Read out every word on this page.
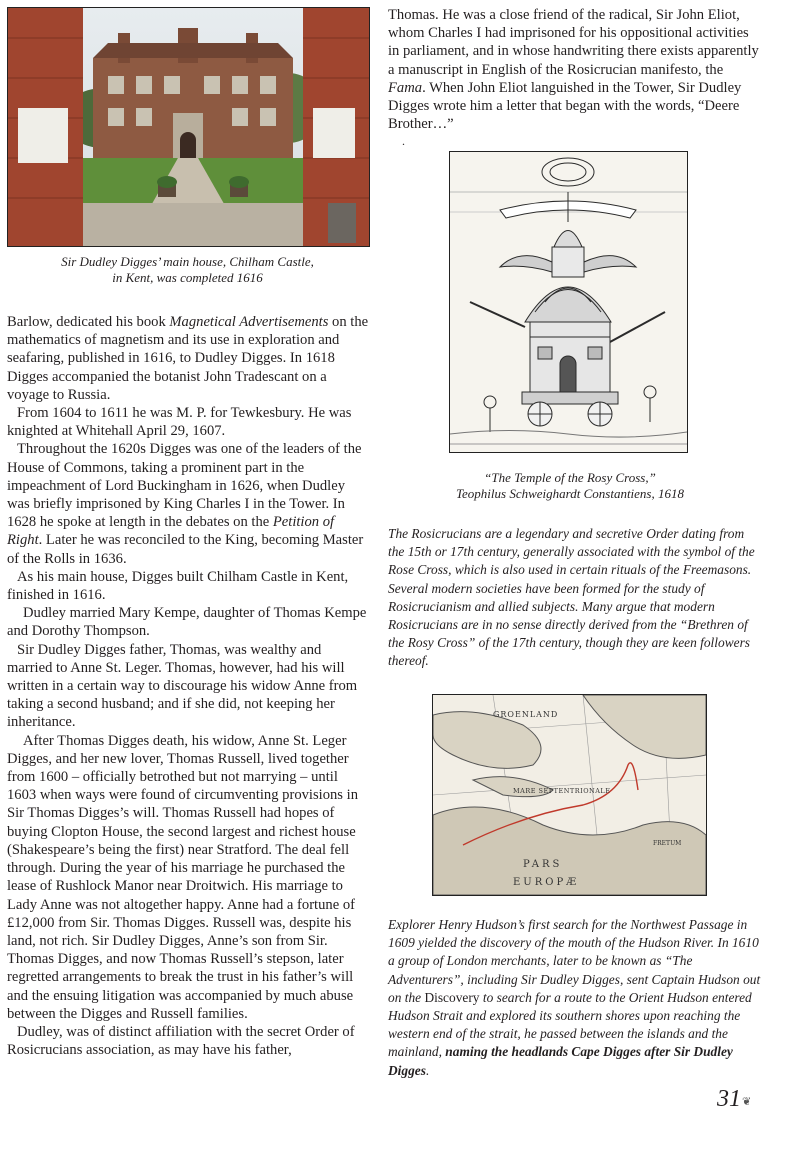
Sir Dudley Digges’ main house, Chilham Castle,
in Kent, was completed 1616

Barlow, dedicated his book Magnetical Advertisements on the mathematics of magnetism and its use in exploration and seafaring, published in 1616, to Dudley Digges. In 1618 Digges accompanied the botanist John Tradescant on a voyage to Russia.

From 1604 to 1611 he was M. P. for Tewkesbury. He was knighted at Whitehall April 29, 1607.

Throughout the 1620s Digges was one of the leaders of the House of Commons, taking a prominent part in the impeachment of Lord Buckingham in 1626, when Dudley was briefly imprisoned by King Charles I in the Tower. In 1628 he spoke at length in the debates on the Petition of Right. Later he was reconciled to the King, becoming Master of the Rolls in 1636.

As his main house, Digges built Chilham Castle in Kent, finished in 1616.

Dudley married Mary Kempe, daughter of Thomas Kempe and Dorothy Thompson.

Sir Dudley Digges father, Thomas, was wealthy and married to Anne St. Leger. Thomas, however, had his will written in a certain way to discourage his widow Anne from taking a second husband; and if she did, not keeping her inheritance.

After Thomas Digges death, his widow, Anne St. Leger Digges, and her new lover, Thomas Russell, lived together from 1600 – officially betrothed but not marrying – until 1603 when ways were found of circumventing provisions in Sir Thomas Digges’s will. Thomas Russell had hopes of buying Clopton House, the second largest and richest house (Shakespeare’s being the first) near Stratford. The deal fell through. During the year of his marriage he purchased the lease of Rushlock Manor near Droitwich. His marriage to Lady Anne was not altogether happy. Anne had a fortune of £12,000 from Sir. Thomas Digges. Russell was, despite his land, not rich. Sir Dudley Digges, Anne’s son from Sir. Thomas Digges, and now Thomas Russell’s stepson, later regretted arrangements to break the trust in his father’s will and the ensuing litigation was accompanied by much abuse between the Digges and Russell families.

Dudley, was of distinct affiliation with the secret Order of Rosicrucians association, as may have his father,

Thomas. He was a close friend of the radical, Sir John Eliot, whom Charles I had imprisoned for his oppositional activities in parliament, and in whose handwriting there exists apparently a manuscript in English of the Rosicrucian manifesto, the Fama. When John Eliot languished in the Tower, Sir Dudley Digges wrote him a letter that began with the words, “Deere Brother…”

.
“The Temple of the Rosy Cross,”
Teophilus Schweighardt Constantiens, 1618

The Rosicrucians are a legendary and secretive Order dating from the 15th or 17th century, generally associated with the symbol of the Rose Cross, which is also used in certain rituals of the Freemasons. Several modern societies have been formed for the study of Rosicrucianism and allied subjects. Many argue that modern Rosicrucians are in no sense directly derived from the “Brethren of the Rosy Cross” of the 17th century, though they are keen followers thereof.

GROENLAND
MARE SEPTENTRIONALE
PARS
EUROPÆ
FRETUM

Explorer Henry Hudson’s first search for the Northwest Passage in 1609 yielded the discovery of the mouth of the Hudson River. In 1610 a group of London merchants, later to be known as “The Adventurers”, including Sir Dudley Digges, sent Captain Hudson out on the Discovery to search for a route to the Orient Hudson entered Hudson Strait and explored its southern shores upon reaching the western end of the strait, he passed between the islands and the mainland, naming the headlands Cape Digges after Sir Dudley Digges.

31 ❦
